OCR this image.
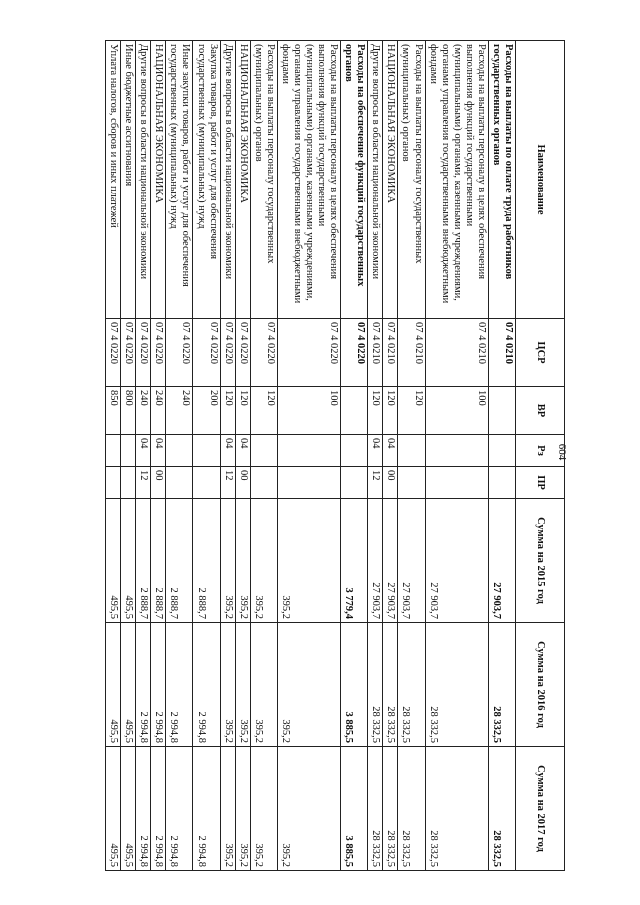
604
Наименование	ЦСР	ВР	Рз	ПР	Сумма на 2015 год	Сумма на 2016 год	Сумма на 2017 год
Расходы на выплаты по оплате труда работников государственных органов	07 4 0210				27 903,7	28 332,5	28 332,5
Расходы на выплаты персоналу в целях обеспечения выполнения функций государственными (муниципальными) органами, казенными учреждениями, органами управления государственными внебюджетными фондами	07 4 0210	100			27 903,7	28 332,5	28 332,5
Расходы на выплаты персоналу государственных (муниципальных) органов	07 4 0210	120			27 903,7	28 332,5	28 332,5
НАЦИОНАЛЬНАЯ ЭКОНОМИКА	07 4 0210	120	04	00	27 903,7	28 332,5	28 332,5
Другие вопросы в области национальной экономики	07 4 0210	120	04	12	27 903,7	28 332,5	28 332,5
Расходы на обеспечение функций государственных органов	07 4 0220				3 779,4	3 885,5	3 885,5
Расходы на выплаты персоналу в целях обеспечения выполнения функций государственными (муниципальными) органами, казенными учреждениями, органами управления государственными внебюджетными фондами	07 4 0220	100			395,2	395,2	395,2
Расходы на выплаты персоналу государственных (муниципальных) органов	07 4 0220	120			395,2	395,2	395,2
НАЦИОНАЛЬНАЯ ЭКОНОМИКА	07 4 0220	120	04	00	395,2	395,2	395,2
Другие вопросы в области национальной экономики	07 4 0220	120	04	12	395,2	395,2	395,2
Закупка товаров, работ и услуг для обеспечения государственных (муниципальных) нужд	07 4 0220	200			2 888,7	2 994,8	2 994,8
Иные закупки товаров, работ и услуг для обеспечения государственных (муниципальных) нужд	07 4 0220	240			2 888,7	2 994,8	2 994,8
НАЦИОНАЛЬНАЯ ЭКОНОМИКА	07 4 0220	240	04	00	2 888,7	2 994,8	2 994,8
Другие вопросы в области национальной экономики	07 4 0220	240	04	12	2 888,7	2 994,8	2 994,8
Иные бюджетные ассигнования	07 4 0220	800			495,5	495,5	495,5
Уплата налогов, сборов и иных платежей	07 4 0220	850			495,5	495,5	495,5
